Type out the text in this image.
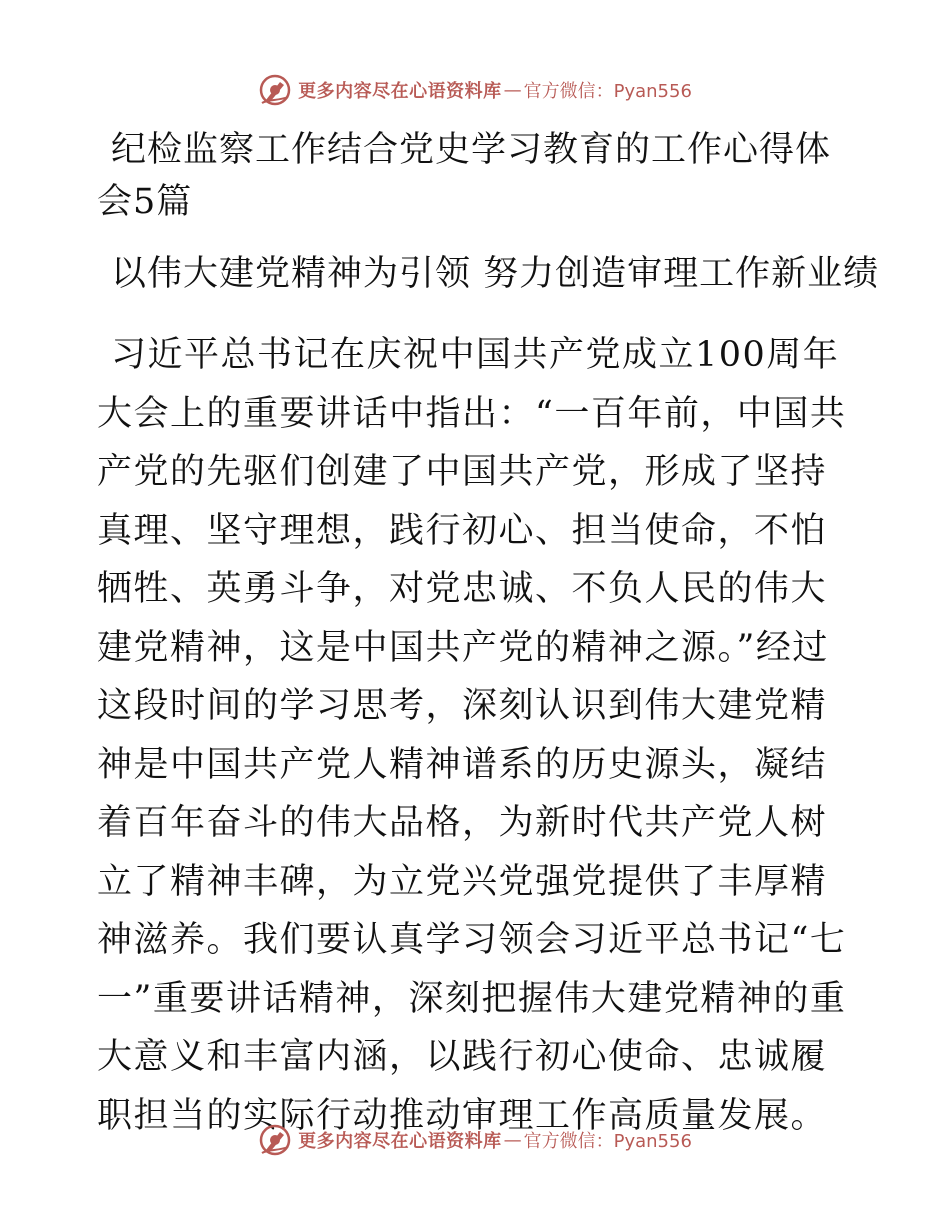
更多内容尽在心语资料库 — 官方微信：Pyan556
纪检监察工作结合党史学习教育的工作心得体会5篇
以伟大建党精神为引领 努力创造审理工作新业绩

习近平总书记在庆祝中国共产党成立100周年大会上的重要讲话中指出：“一百年前，中国共产党的先驱们创建了中国共产党，形成了坚持真理、坚守理想，践行初心、担当使命，不怕牺牲、英勇斗争，对党忠诚、不负人民的伟大建党精神，这是中国共产党的精神之源。”经过这段时间的学习思考，深刻认识到伟大建党精神是中国共产党人精神谱系的历史源头，凝结着百年奋斗的伟大品格，为新时代共产党人树立了精神丰碑，为立党兴党强党提供了丰厚精神滋养。我们要认真学习领会习近平总书记“七一”重要讲话精神，深刻把握伟大建党精神的重大意义和丰富内涵，以践行初心使命、忠诚履职担当的实际行动推动审理工作高质量发展。

更多内容尽在心语资料库 — 官方微信：Pyan556
